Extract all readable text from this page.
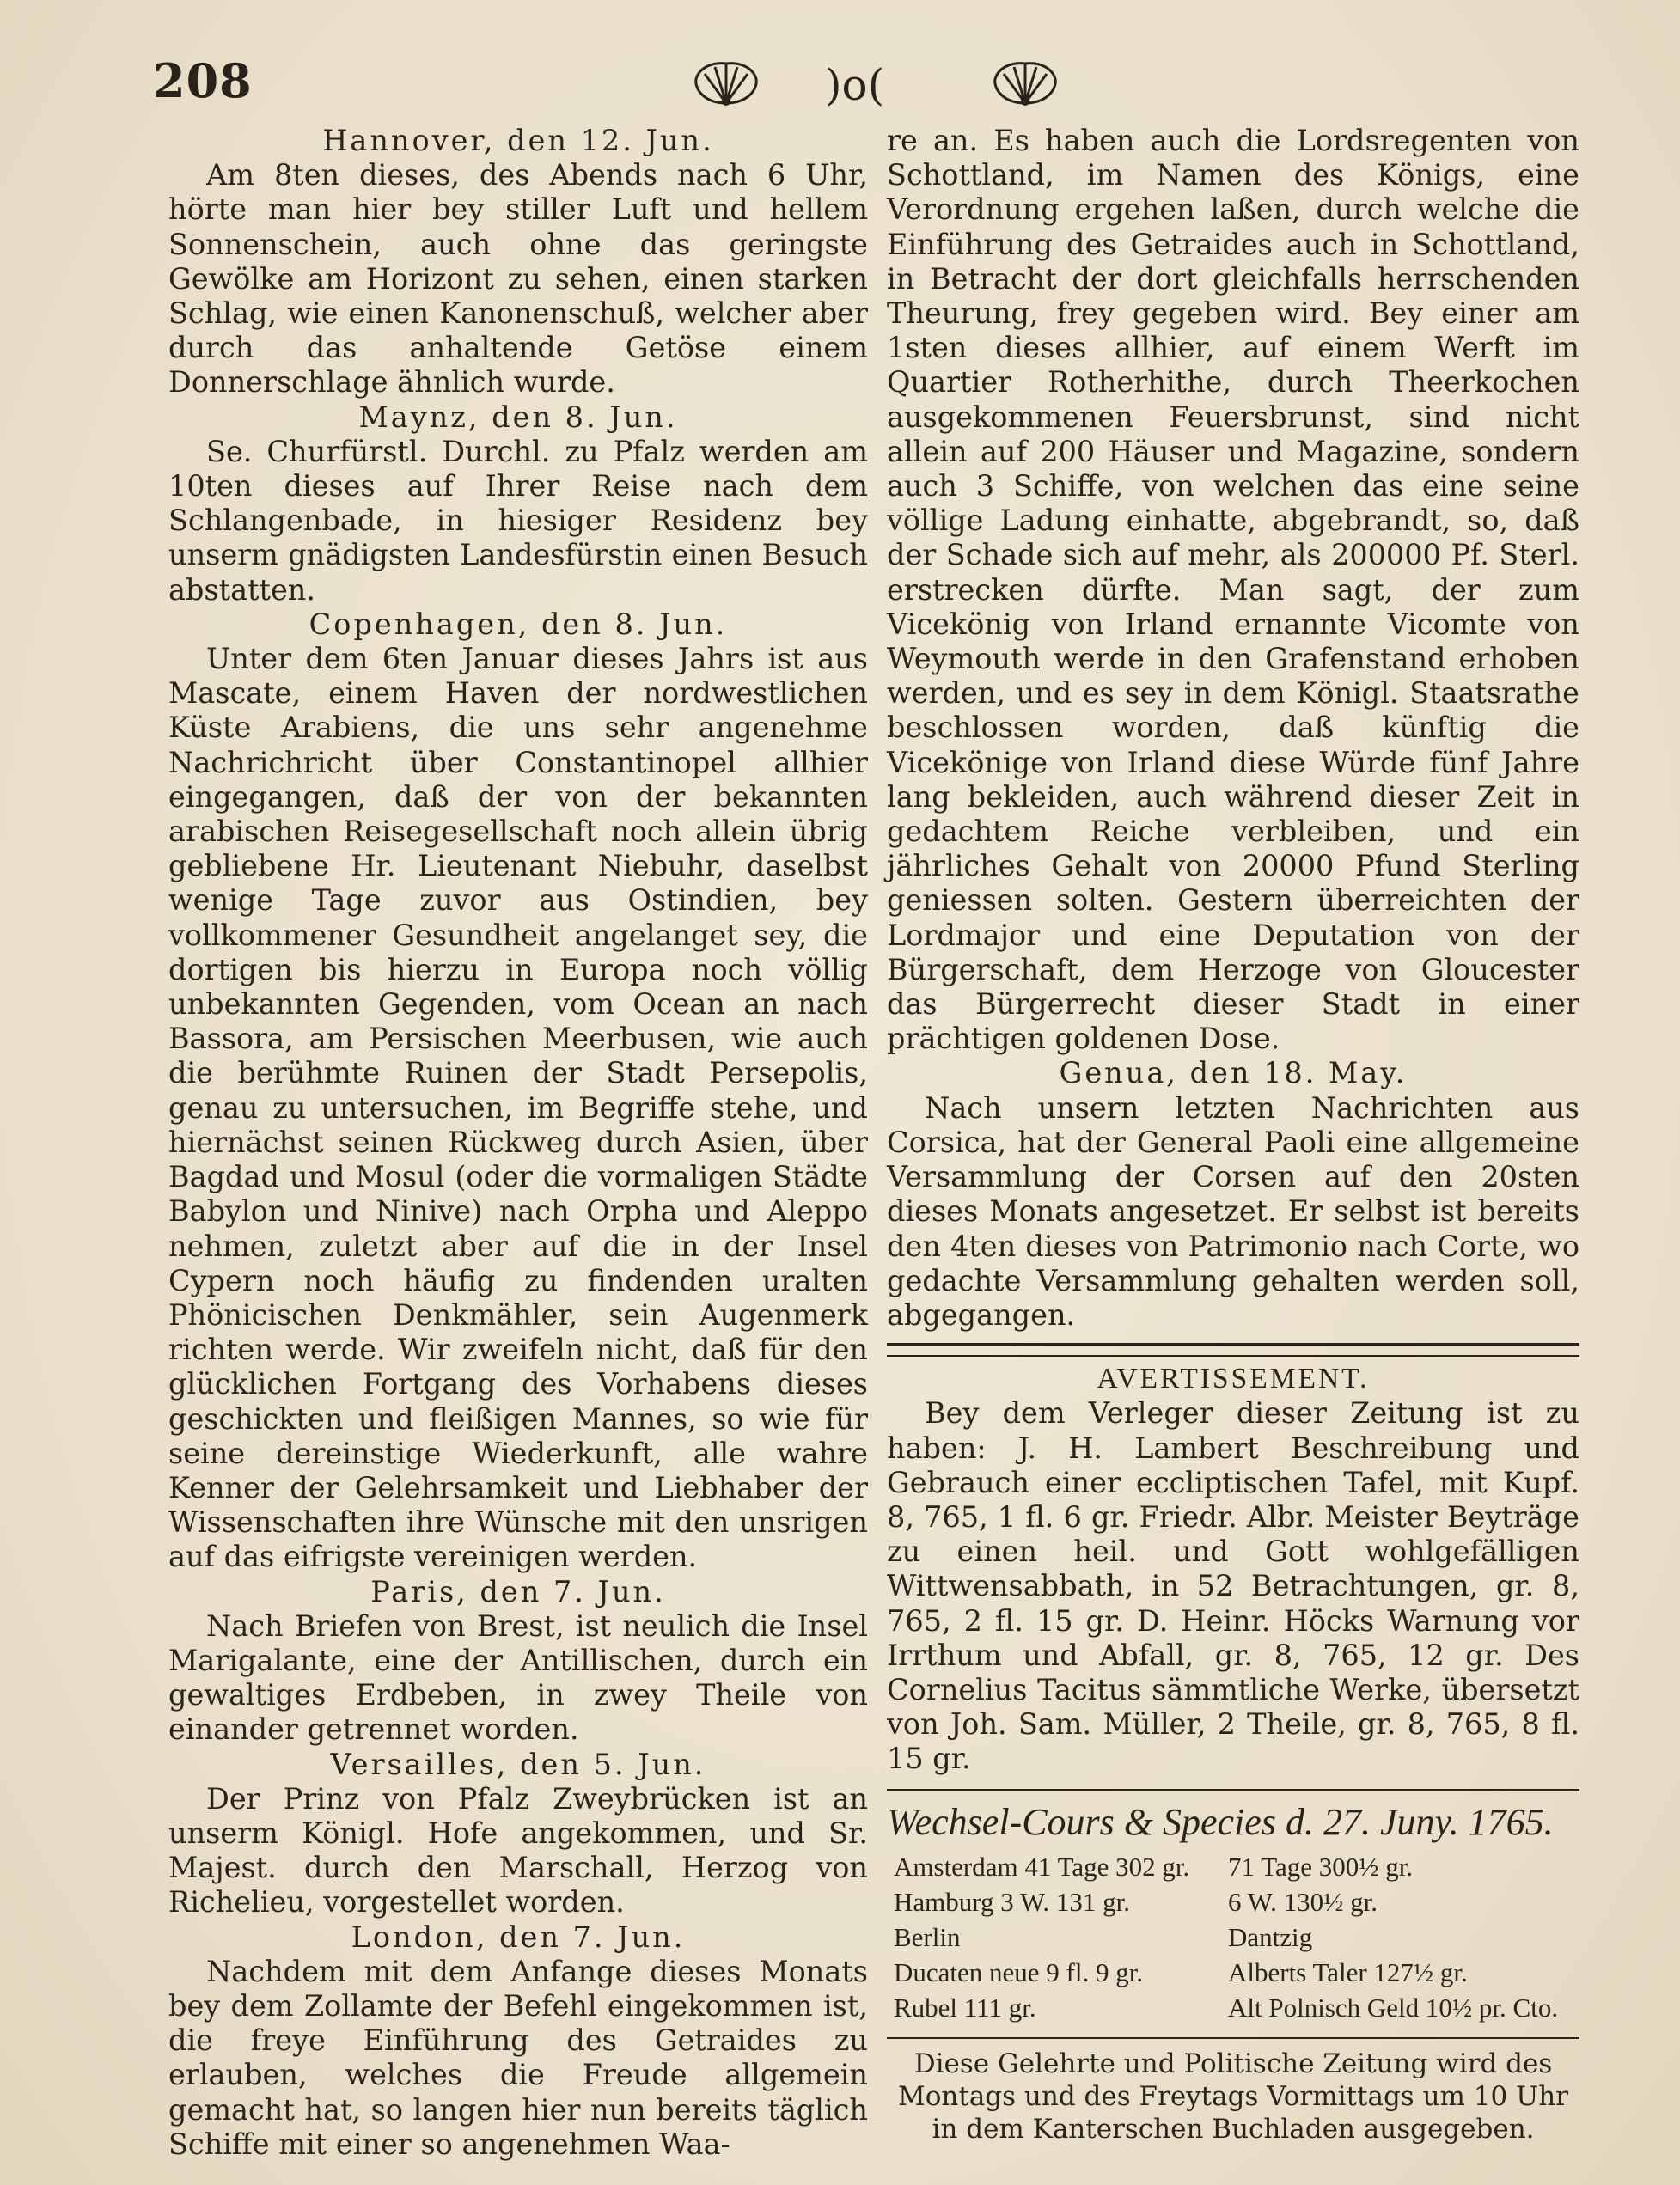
208	)o(

Hannover, den 12. Jun.

Am 8ten dieses, des Abends nach 6 Uhr, hörte man hier bey stiller Luft und hellem Sonnenschein, auch ohne das geringste Gewölke am Horizont zu sehen, einen starken Schlag, wie einen Kanonenschuß, welcher aber durch das anhaltende Getöse einem Donnerschlage ähnlich wurde.

Maynz, den 8. Jun.

Se. Churfürstl. Durchl. zu Pfalz werden am 10ten dieses auf Ihrer Reise nach dem Schlangenbade, in hiesiger Residenz bey unserm gnädigsten Landesfürstin einen Besuch abstatten.

Copenhagen, den 8. Jun.

Unter dem 6ten Januar dieses Jahrs ist aus Mascate, einem Haven der nordwestlichen Küste Arabiens, die uns sehr angenehme Nachrichricht über Constantinopel allhier eingegangen, daß der von der bekannten arabischen Reisegesellschaft noch allein übrig gebliebene Hr. Lieutenant Niebuhr, daselbst wenige Tage zuvor aus Ostindien, bey vollkommener Gesundheit angelanget sey, die dortigen bis hierzu in Europa noch völlig unbekannten Gegenden, vom Ocean an nach Bassora, am Persischen Meerbusen, wie auch die berühmte Ruinen der Stadt Persepolis, genau zu untersuchen, im Begriffe stehe, und hiernächst seinen Rückweg durch Asien, über Bagdad und Mosul (oder die vormaligen Städte Babylon und Ninive) nach Orpha und Aleppo nehmen, zuletzt aber auf die in der Insel Cypern noch häufig zu findenden uralten Phönicischen Denkmähler, sein Augenmerk richten werde. Wir zweifeln nicht, daß für den glücklichen Fortgang des Vorhabens dieses geschickten und fleißigen Mannes, so wie für seine dereinstige Wiederkunft, alle wahre Kenner der Gelehrsamkeit und Liebhaber der Wissenschaften ihre Wünsche mit den unsrigen auf das eifrigste vereinigen werden.

Paris, den 7. Jun.

Nach Briefen von Brest, ist neulich die Insel Marigalante, eine der Antillischen, durch ein gewaltiges Erdbeben, in zwey Theile von einander getrennet worden.

Versailles, den 5. Jun.

Der Prinz von Pfalz Zweybrücken ist an unserm Königl. Hofe angekommen, und Sr. Majest. durch den Marschall, Herzog von Richelieu, vorgestellet worden.

London, den 7. Jun.

Nachdem mit dem Anfange dieses Monats bey dem Zollamte der Befehl eingekommen ist, die freye Einführung des Getraides zu erlauben, welches die Freude allgemein gemacht hat, so langen hier nun bereits täglich Schiffe mit einer so angenehmen Waa-

re an. Es haben auch die Lordsregenten von Schottland, im Namen des Königs, eine Verordnung ergehen laßen, durch welche die Einführung des Getraides auch in Schottland, in Betracht der dort gleichfalls herrschenden Theurung, frey gegeben wird. Bey einer am 1sten dieses allhier, auf einem Werft im Quartier Rotherhithe, durch Theerkochen ausgekommenen Feuersbrunst, sind nicht allein auf 200 Häuser und Magazine, sondern auch 3 Schiffe, von welchen das eine seine völlige Ladung einhatte, abgebrandt, so, daß der Schade sich auf mehr, als 200000 Pf. Sterl. erstrecken dürfte. Man sagt, der zum Vicekönig von Irland ernannte Vicomte von Weymouth werde in den Grafenstand erhoben werden, und es sey in dem Königl. Staatsrathe beschlossen worden, daß künftig die Vicekönige von Irland diese Würde fünf Jahre lang bekleiden, auch während dieser Zeit in gedachtem Reiche verbleiben, und ein jährliches Gehalt von 20000 Pfund Sterling geniessen solten. Gestern überreichten der Lordmajor und eine Deputation von der Bürgerschaft, dem Herzoge von Gloucester das Bürgerrecht dieser Stadt in einer prächtigen goldenen Dose.

Genua, den 18. May.

Nach unsern letzten Nachrichten aus Corsica, hat der General Paoli eine allgemeine Versammlung der Corsen auf den 20sten dieses Monats angesetzet. Er selbst ist bereits den 4ten dieses von Patrimonio nach Corte, wo gedachte Versammlung gehalten werden soll, abgegangen.

AVERTISSEMENT.

Bey dem Verleger dieser Zeitung ist zu haben: J. H. Lambert Beschreibung und Gebrauch einer eccliptischen Tafel, mit Kupf. 8, 765, 1 fl. 6 gr. Friedr. Albr. Meister Beyträge zu einen heil. und Gott wohlgefälligen Wittwensabbath, in 52 Betrachtungen, gr. 8, 765, 2 fl. 15 gr. D. Heinr. Höcks Warnung vor Irrthum und Abfall, gr. 8, 765, 12 gr. Des Cornelius Tacitus sämmtliche Werke, übersetzt von Joh. Sam. Müller, 2 Theile, gr. 8, 765, 8 fl. 15 gr.

Wechsel-Cours & Species d. 27. Juny. 1765.
Amsterdam 41 Tage 302 gr.	71 Tage 300½ gr.
Hamburg 3 W. 131 gr.	6 W. 130½ gr.
Berlin	Dantzig
Ducaten neue 9 fl. 9 gr.	Alberts Taler 127½ gr.
Rubel 111 gr.	Alt Polnisch Geld 10½ pr. Cto.

Diese Gelehrte und Politische Zeitung wird des Montags und des Freytags Vormittags um 10 Uhr in dem Kanterschen Buchladen ausgegeben.
